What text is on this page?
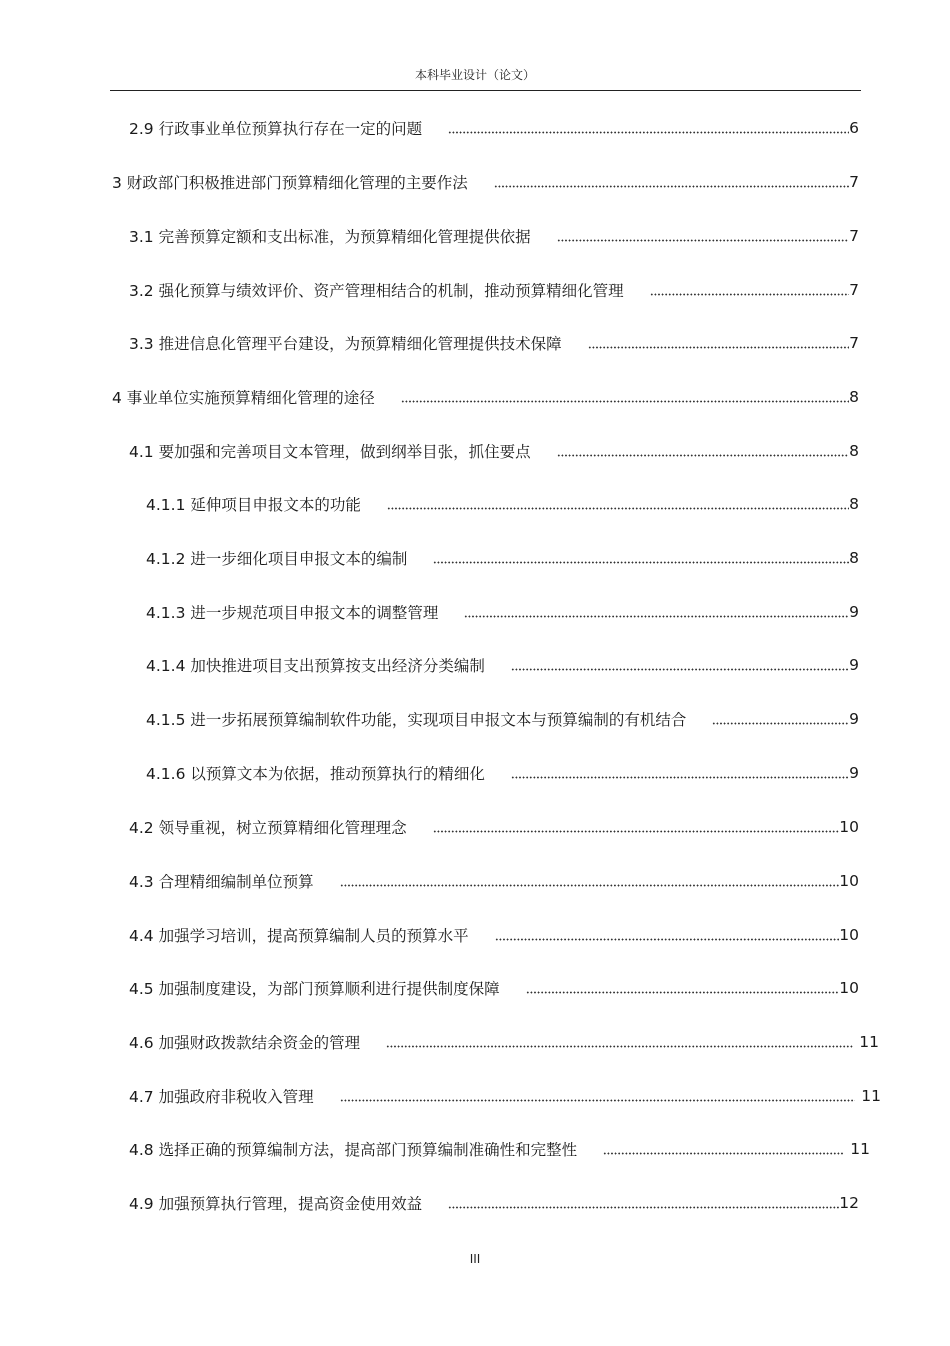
本科毕业设计（论文）
2.9 行政事业单位预算执行存在一定的问题	6
3 财政部门积极推进部门预算精细化管理的主要作法	7
3.1 完善预算定额和支出标准，为预算精细化管理提供依据	7
3.2 强化预算与绩效评价、资产管理相结合的机制，推动预算精细化管理	7
3.3 推进信息化管理平台建设，为预算精细化管理提供技术保障	7
4 事业单位实施预算精细化管理的途径	8
4.1 要加强和完善项目文本管理，做到纲举目张，抓住要点	8
4.1.1 延伸项目申报文本的功能	8
4.1.2 进一步细化项目申报文本的编制	8
4.1.3 进一步规范项目申报文本的调整管理	9
4.1.4 加快推进项目支出预算按支出经济分类编制	9
4.1.5 进一步拓展预算编制软件功能，实现项目申报文本与预算编制的有机结合	9
4.1.6 以预算文本为依据，推动预算执行的精细化	9
4.2 领导重视，树立预算精细化管理理念	10
4.3 合理精细编制单位预算	10
4.4 加强学习培训，提高预算编制人员的预算水平	10
4.5 加强制度建设，为部门预算顺利进行提供制度保障	10
4.6 加强财政拨款结余资金的管理	11
4.7 加强政府非税收入管理	11
4.8 选择正确的预算编制方法，提高部门预算编制准确性和完整性	11
4.9 加强预算执行管理，提高资金使用效益	12
III
